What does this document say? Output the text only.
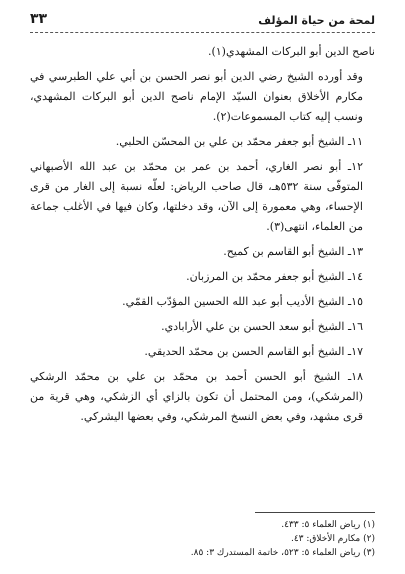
لمحة من حياة المؤلف
٣٣

ناصح الدين أبو البركات المشهدي(١).

وقد أورده الشيخ رضي الدين أبو نصر الحسن بن أبي علي الطبرسي في مكارم الأخلاق بعنوان السيّد الإمام ناصح الدين أبو البركات المشهدي، ونسب إليه كتاب المسموعات(٢).

١١ـ الشيخ أبو جعفر محمّد بن علي بن المحسّن الحلبي.

١٢ـ أبو نصر الغاري، أحمد بن عمر بن محمّد بن عبد الله الأصبهاني المتوفّى سنة ٥٣٢هـ، قال صاحب الرياض: لعلّه نسبة إلى الغار من قرى الإحساء، وهي معمورة إلى الآن، وقد دخلتها، وكان فيها في الأغلب جماعة من العلماء، انتهى(٣).

١٣ـ الشيخ أبو القاسم بن كميح.

١٤ـ الشيخ أبو جعفر محمّد بن المرزبان.

١٥ـ الشيخ الأديب أبو عبد الله الحسين المؤدّب القمّي.

١٦ـ الشيخ أبو سعد الحسن بن علي الأرابادي.

١٧ـ الشيخ أبو القاسم الحسن بن محمّد الحديقي.

١٨ـ الشيخ أبو الحسن أحمد بن محمّد بن علي بن محمّد الرشكي (المرشكي)، ومن المحتمل أن تكون بالزاي أي الزشكي، وهي قرية من قرى مشهد، وفي بعض النسخ المرشكي، وفي بعضها اليشركي.

(١) رياض العلماء ٥: ٤٣٣.
(٢) مكارم الأخلاق: ٤٣.
(٣) رياض العلماء ٥: ٥٢٣، خاتمة المستدرك ٣: ٨٥.
